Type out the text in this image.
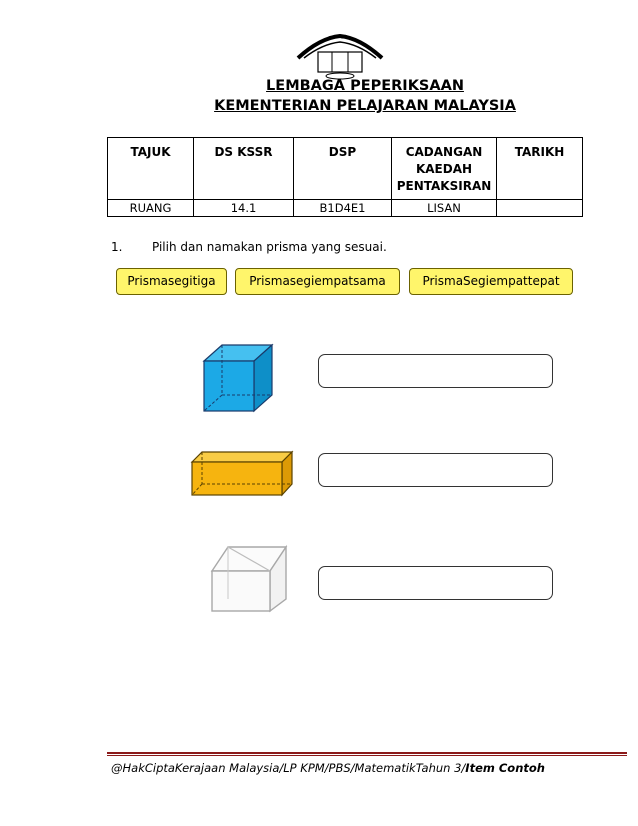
LEMBAGA PEPERIKSAAN
KEMENTERIAN PELAJARAN MALAYSIA
TAJUK	DS KSSR	DSP	CADANGAN KAEDAH PENTAKSIRAN	TARIKH
RUANG	14.1	B1D4E1	LISAN	
1. Pilih dan namakan prisma yang sesuai.
Prismasegitiga	Prismasegiempatsama	PrismaSegiempattepat
@HakCiptaKerajaan Malaysia/LP KPM/PBS/MatematikTahun 3/Item Contoh
